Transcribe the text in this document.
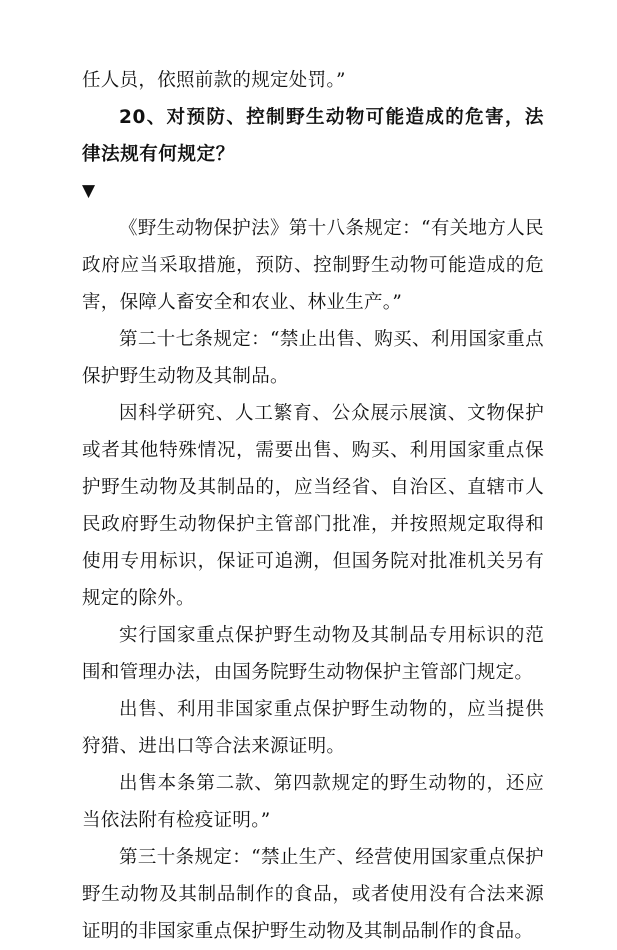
任人员，依照前款的规定处罚。”

20、对预防、控制野生动物可能造成的危害，法律法规有何规定？

▼

《野生动物保护法》第十八条规定：“有关地方人民政府应当采取措施，预防、控制野生动物可能造成的危害，保障人畜安全和农业、林业生产。”

第二十七条规定：“禁止出售、购买、利用国家重点保护野生动物及其制品。

因科学研究、人工繁育、公众展示展演、文物保护或者其他特殊情况，需要出售、购买、利用国家重点保护野生动物及其制品的，应当经省、自治区、直辖市人民政府野生动物保护主管部门批准，并按照规定取得和使用专用标识，保证可追溯，但国务院对批准机关另有规定的除外。

实行国家重点保护野生动物及其制品专用标识的范围和管理办法，由国务院野生动物保护主管部门规定。

出售、利用非国家重点保护野生动物的，应当提供狩猎、进出口等合法来源证明。

出售本条第二款、第四款规定的野生动物的，还应当依法附有检疫证明。”

第三十条规定：“禁止生产、经营使用国家重点保护野生动物及其制品制作的食品，或者使用没有合法来源证明的非国家重点保护野生动物及其制品制作的食品。
